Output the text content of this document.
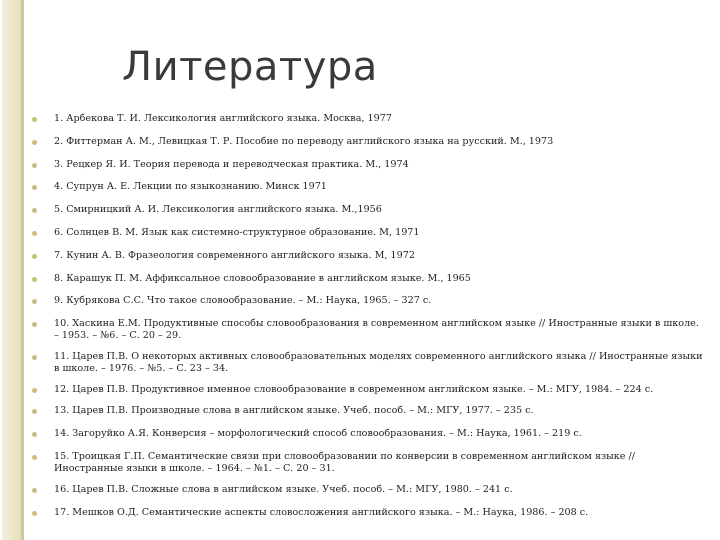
Литература
1. Арбекова Т. И. Лексикология английского языка. Москва, 1977
2. Фиттерман А. М., Левицкая Т. Р. Пособие по переводу английского языка на русский. М., 1973
3. Рецкер Я. И. Теория перевода и переводческая практика. М., 1974
4. Супрун А. Е. Лекции по языкознанию. Минск 1971
5. Смирницкий А. И. Лексикология английского языка. М.,1956
6. Солнцев В. М. Язык как системно-структурное образование. М, 1971
7. Кунин А. В. Фразеология современного английского языка. М, 1972
8. Карашук П. М. Аффиксальное словообразование в английском языке. М., 1965
9. Кубрякова С.С. Что такое словообразование. – М.: Наука, 1965. – 327 с.
10. Хаскина Е.М. Продуктивные способы словообразования в современном английском языке // Иностранные языки в школе. – 1953. – №6. – С. 20 – 29.
11. Царев П.В. О некоторых активных словообразовательных моделях современного английского языка // Иностранные языки в школе. – 1976. – №5. – С. 23 – 34.
12. Царев П.В. Продуктивное именное словообразование в современном английском языке. – М.: МГУ, 1984. – 224 с.
13. Царев П.В. Производные слова в английском языке. Учеб. пособ. – М.: МГУ, 1977. – 235 с.
14. Загоруйко А.Я. Конверсия – морфологический способ словообразования. – М.: Наука, 1961. – 219 с.
15. Троицкая Г.П. Семантические связи при словообразовании по конверсии в современном английском языке // Иностранные языки в школе. – 1964. – №1. – С. 20 – 31.
16. Царев П.В. Сложные слова в английском языке. Учеб. пособ. – М.: МГУ, 1980. – 241 с.
17. Мешков О.Д. Семантические аспекты словосложения английского языка. – М.: Наука, 1986. – 208 с.
